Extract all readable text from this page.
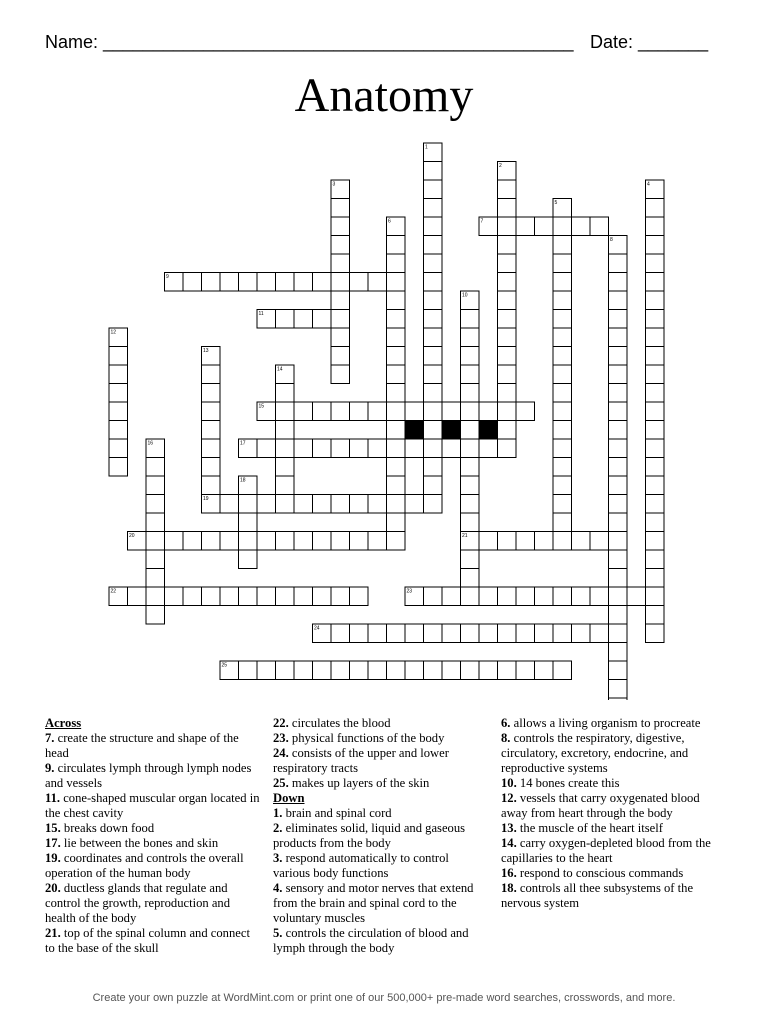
Name: _______________________________________________ Date: _______
Anatomy
1
2
3	4
5
6	7
8
9
10
11
12
13
14
15
16	17
18
19
20	21
22	23
24
25
Across
7. create the structure and shape of the head
9. circulates lymph through lymph nodes and vessels
11. cone-shaped muscular organ located in the chest cavity
15. breaks down food
17. lie between the bones and skin
19. coordinates and controls the overall operation of the human body
20. ductless glands that regulate and control the growth, reproduction and health of the body
21. top of the spinal column and connect to the base of the skull
22. circulates the blood
23. physical functions of the body
24. consists of the upper and lower respiratory tracts
25. makes up layers of the skin
Down
1. brain and spinal cord
2. eliminates solid, liquid and gaseous products from the body
3. respond automatically to control various body functions
4. sensory and motor nerves that extend from the brain and spinal cord to the voluntary muscles
5. controls the circulation of blood and lymph through the body
6. allows a living organism to procreate
8. controls the respiratory, digestive, circulatory, excretory, endocrine, and reproductive systems
10. 14 bones create this
12. vessels that carry oxygenated blood away from heart through the body
13. the muscle of the heart itself
14. carry oxygen-depleted blood from the capillaries to the heart
16. respond to conscious commands
18. controls all thee subsystems of the nervous system
Create your own puzzle at WordMint.com or print one of our 500,000+ pre-made word searches, crosswords, and more.
